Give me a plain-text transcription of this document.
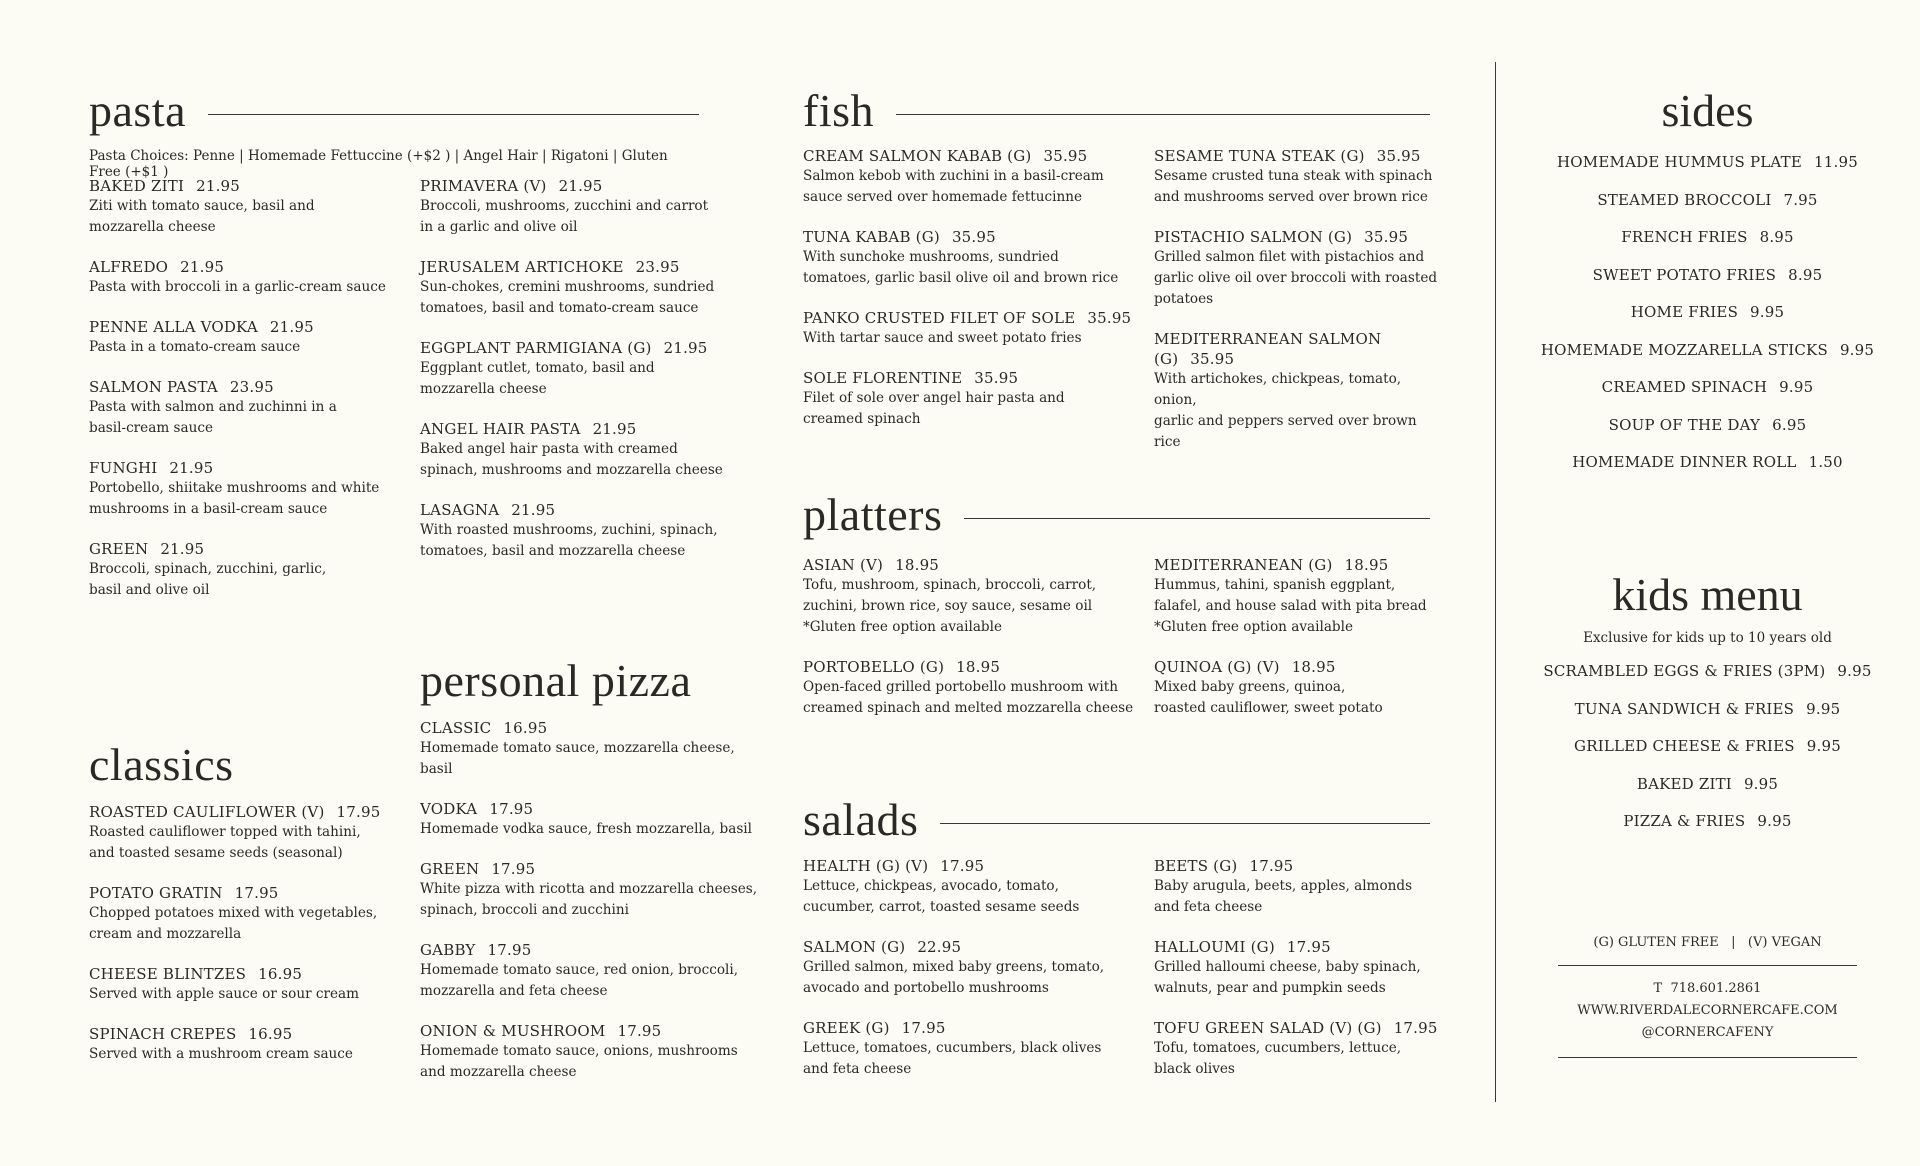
pasta
Pasta Choices: Penne | Homemade Fettuccine (+$2 ) | Angel Hair | Rigatoni | Gluten Free (+$1 )
BAKED ZITI 21.95
Ziti with tomato sauce, basil and
mozzarella cheese
ALFREDO 21.95
Pasta with broccoli in a garlic-cream sauce
PENNE ALLA VODKA 21.95
Pasta in a tomato-cream sauce
SALMON PASTA 23.95
Pasta with salmon and zuchinni in a
basil-cream sauce
FUNGHI 21.95
Portobello, shiitake mushrooms and white
mushrooms in a basil-cream sauce
GREEN 21.95
Broccoli, spinach, zucchini, garlic,
basil and olive oil
PRIMAVERA (V) 21.95
Broccoli, mushrooms, zucchini and carrot
in a garlic and olive oil
JERUSALEM ARTICHOKE 23.95
Sun-chokes, cremini mushrooms, sundried
tomatoes, basil and tomato-cream sauce
EGGPLANT PARMIGIANA (G) 21.95
Eggplant cutlet, tomato, basil and
mozzarella cheese
ANGEL HAIR PASTA 21.95
Baked angel hair pasta with creamed
spinach, mushrooms and mozzarella cheese
LASAGNA 21.95
With roasted mushrooms, zuchini, spinach,
tomatoes, basil and mozzarella cheese
classics
ROASTED CAULIFLOWER (V) 17.95
Roasted cauliflower topped with tahini,
and toasted sesame seeds (seasonal)
POTATO GRATIN 17.95
Chopped potatoes mixed with vegetables,
cream and mozzarella
CHEESE BLINTZES 16.95
Served with apple sauce or sour cream
SPINACH CREPES 16.95
Served with a mushroom cream sauce
personal pizza
CLASSIC 16.95
Homemade tomato sauce, mozzarella cheese, basil
VODKA 17.95
Homemade vodka sauce, fresh mozzarella, basil
GREEN 17.95
White pizza with ricotta and mozzarella cheeses,
spinach, broccoli and zucchini
GABBY 17.95
Homemade tomato sauce, red onion, broccoli,
mozzarella and feta cheese
ONION & MUSHROOM 17.95
Homemade tomato sauce, onions, mushrooms
and mozzarella cheese
fish
CREAM SALMON KABAB (G) 35.95
Salmon kebob with zuchini in a basil-cream
sauce served over homemade fettucinne
TUNA KABAB (G) 35.95
With sunchoke mushrooms, sundried
tomatoes, garlic basil olive oil and brown rice
PANKO CRUSTED FILET OF SOLE 35.95
With tartar sauce and sweet potato fries
SOLE FLORENTINE 35.95
Filet of sole over angel hair pasta and
creamed spinach
SESAME TUNA STEAK (G) 35.95
Sesame crusted tuna steak with spinach
and mushrooms served over brown rice
PISTACHIO SALMON (G) 35.95
Grilled salmon filet with pistachios and
garlic olive oil over broccoli with roasted
potatoes
MEDITERRANEAN SALMON (G) 35.95
With artichokes, chickpeas, tomato, onion,
garlic and peppers served over brown rice
platters
ASIAN (V) 18.95
Tofu, mushroom, spinach, broccoli, carrot,
zuchini, brown rice, soy sauce, sesame oil
*Gluten free option available
PORTOBELLO (G) 18.95
Open-faced grilled portobello mushroom with
creamed spinach and melted mozzarella cheese
MEDITERRANEAN (G) 18.95
Hummus, tahini, spanish eggplant,
falafel, and house salad with pita bread
*Gluten free option available
QUINOA (G) (V) 18.95
Mixed baby greens, quinoa,
roasted cauliflower, sweet potato
salads
HEALTH (G) (V) 17.95
Lettuce, chickpeas, avocado, tomato,
cucumber, carrot, toasted sesame seeds
SALMON (G) 22.95
Grilled salmon, mixed baby greens, tomato,
avocado and portobello mushrooms
GREEK (G) 17.95
Lettuce, tomatoes, cucumbers, black olives
and feta cheese
BEETS (G) 17.95
Baby arugula, beets, apples, almonds
and feta cheese
HALLOUMI (G) 17.95
Grilled halloumi cheese, baby spinach,
walnuts, pear and pumpkin seeds
TOFU GREEN SALAD (V) (G) 17.95
Tofu, tomatoes, cucumbers, lettuce,
black olives
sides
HOMEMADE HUMMUS PLATE 11.95
STEAMED BROCCOLI 7.95
FRENCH FRIES 8.95
SWEET POTATO FRIES 8.95
HOME FRIES 9.95
HOMEMADE MOZZARELLA STICKS 9.95
CREAMED SPINACH 9.95
SOUP OF THE DAY 6.95
HOMEMADE DINNER ROLL 1.50
kids menu
Exclusive for kids up to 10 years old
SCRAMBLED EGGS & FRIES (3PM) 9.95
TUNA SANDWICH & FRIES 9.95
GRILLED CHEESE & FRIES 9.95
BAKED ZITI 9.95
PIZZA & FRIES 9.95
(G) GLUTEN FREE   |   (V) VEGAN
T  718.601.2861
WWW.RIVERDALECORNERCAFE.COM
@CORNERCAFENY
